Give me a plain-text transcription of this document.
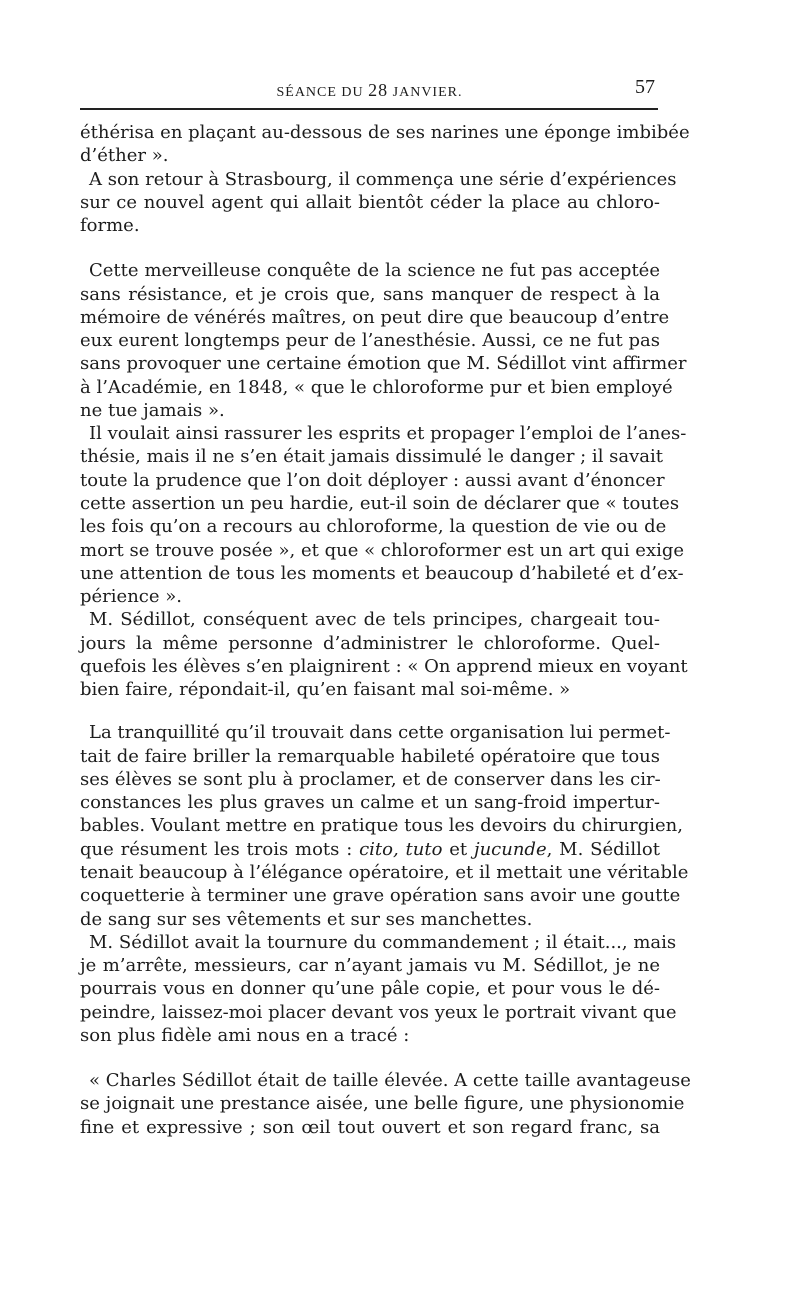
SÉANCE DU 28 JANVIER.	57
éthérisa en plaçant au-dessous de ses narines une éponge imbibée
d’éther ».
A son retour à Strasbourg, il commença une série d’expériences
sur ce nouvel agent qui allait bientôt céder la place au chloro-
forme.
Cette merveilleuse conquête de la science ne fut pas acceptée
sans résistance, et je crois que, sans manquer de respect à la
mémoire de vénérés maîtres, on peut dire que beaucoup d’entre
eux eurent longtemps peur de l’anesthésie. Aussi, ce ne fut pas
sans provoquer une certaine émotion que M. Sédillot vint affirmer
à l’Académie, en 1848, « que le chloroforme pur et bien employé
ne tue jamais ».
Il voulait ainsi rassurer les esprits et propager l’emploi de l’anes-
thésie, mais il ne s’en était jamais dissimulé le danger ; il savait
toute la prudence que l’on doit déployer : aussi avant d’énoncer
cette assertion un peu hardie, eut-il soin de déclarer que « toutes
les fois qu’on a recours au chloroforme, la question de vie ou de
mort se trouve posée », et que « chloroformer est un art qui exige
une attention de tous les moments et beaucoup d’habileté et d’ex-
périence ».
M. Sédillot, conséquent avec de tels principes, chargeait tou-
jours la même personne d’administrer le chloroforme. Quel-
quefois les élèves s’en plaignirent : « On apprend mieux en voyant
bien faire, répondait-il, qu’en faisant mal soi-même. »
La tranquillité qu’il trouvait dans cette organisation lui permet-
tait de faire briller la remarquable habileté opératoire que tous
ses élèves se sont plu à proclamer, et de conserver dans les cir-
constances les plus graves un calme et un sang-froid impertur-
bables. Voulant mettre en pratique tous les devoirs du chirurgien,
que résument les trois mots : cito, tuto et jucunde, M. Sédillot
tenait beaucoup à l’élégance opératoire, et il mettait une véritable
coquetterie à terminer une grave opération sans avoir une goutte
de sang sur ses vêtements et sur ses manchettes.
M. Sédillot avait la tournure du commandement ; il était..., mais
je m’arrête, messieurs, car n’ayant jamais vu M. Sédillot, je ne
pourrais vous en donner qu’une pâle copie, et pour vous le dé-
peindre, laissez-moi placer devant vos yeux le portrait vivant que
son plus fidèle ami nous en a tracé :
« Charles Sédillot était de taille élevée. A cette taille avantageuse
se joignait une prestance aisée, une belle figure, une physionomie
fine et expressive ; son œil tout ouvert et son regard franc, sa
